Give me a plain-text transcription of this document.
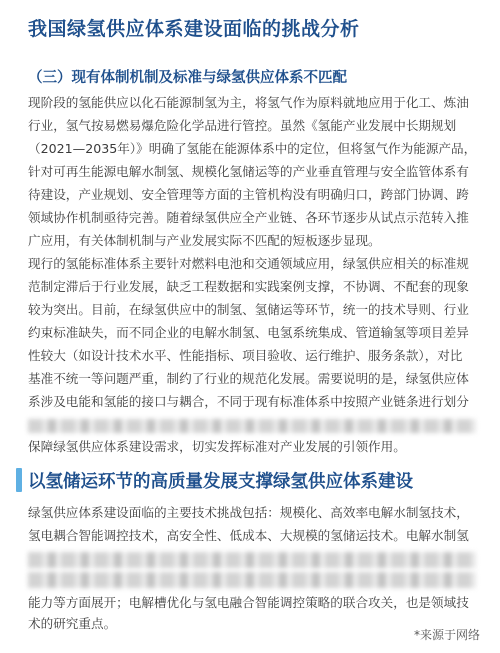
我国绿氢供应体系建设面临的挑战分析
（三）现有体制机制及标准与绿氢供应体系不匹配
现阶段的氢能供应以化石能源制氢为主，将氢气作为原料就地应用于化工、炼油
行业，氢气按易燃易爆危险化学品进行管控。虽然《氢能产业发展中长期规划
（2021—2035年）》明确了氢能在能源体系中的定位，但将氢气作为能源产品，
针对可再生能源电解水制氢、规模化氢储运等的产业垂直管理与安全监管体系有
待建设，产业规划、安全管理等方面的主管机构没有明确归口，跨部门协调、跨
领域协作机制亟待完善。随着绿氢供应全产业链、各环节逐步从试点示范转入推
广应用，有关体制机制与产业发展实际不匹配的短板逐步显现。
现行的氢能标准体系主要针对燃料电池和交通领域应用，绿氢供应相关的标准规
范制定滞后于行业发展，缺乏工程数据和实践案例支撑，不协调、不配套的现象
较为突出。目前，在绿氢供应中的制氢、氢储运等环节，统一的技术导则、行业
约束标准缺失，而不同企业的电解水制氢、电氢系统集成、管道输氢等项目差异
性较大（如设计技术水平、性能指标、项目验收、运行维护、服务条款），对比
基准不统一等问题严重，制约了行业的规范化发展。需要说明的是，绿氢供应体
系涉及电能和氢能的接口与耦合，不同于现有标准体系中按照产业链条进行划分
保障绿氢供应体系建设需求，切实发挥标准对产业发展的引领作用。
以氢储运环节的高质量发展支撑绿氢供应体系建设
绿氢供应体系建设面临的主要技术挑战包括：规模化、高效率电解水制氢技术，
氢电耦合智能调控技术，高安全性、低成本、大规模的氢储运技术。电解水制氢
能力等方面展开；电解槽优化与氢电融合智能调控策略的联合攻关，也是领域技
术的研究重点。
*来源于网络
